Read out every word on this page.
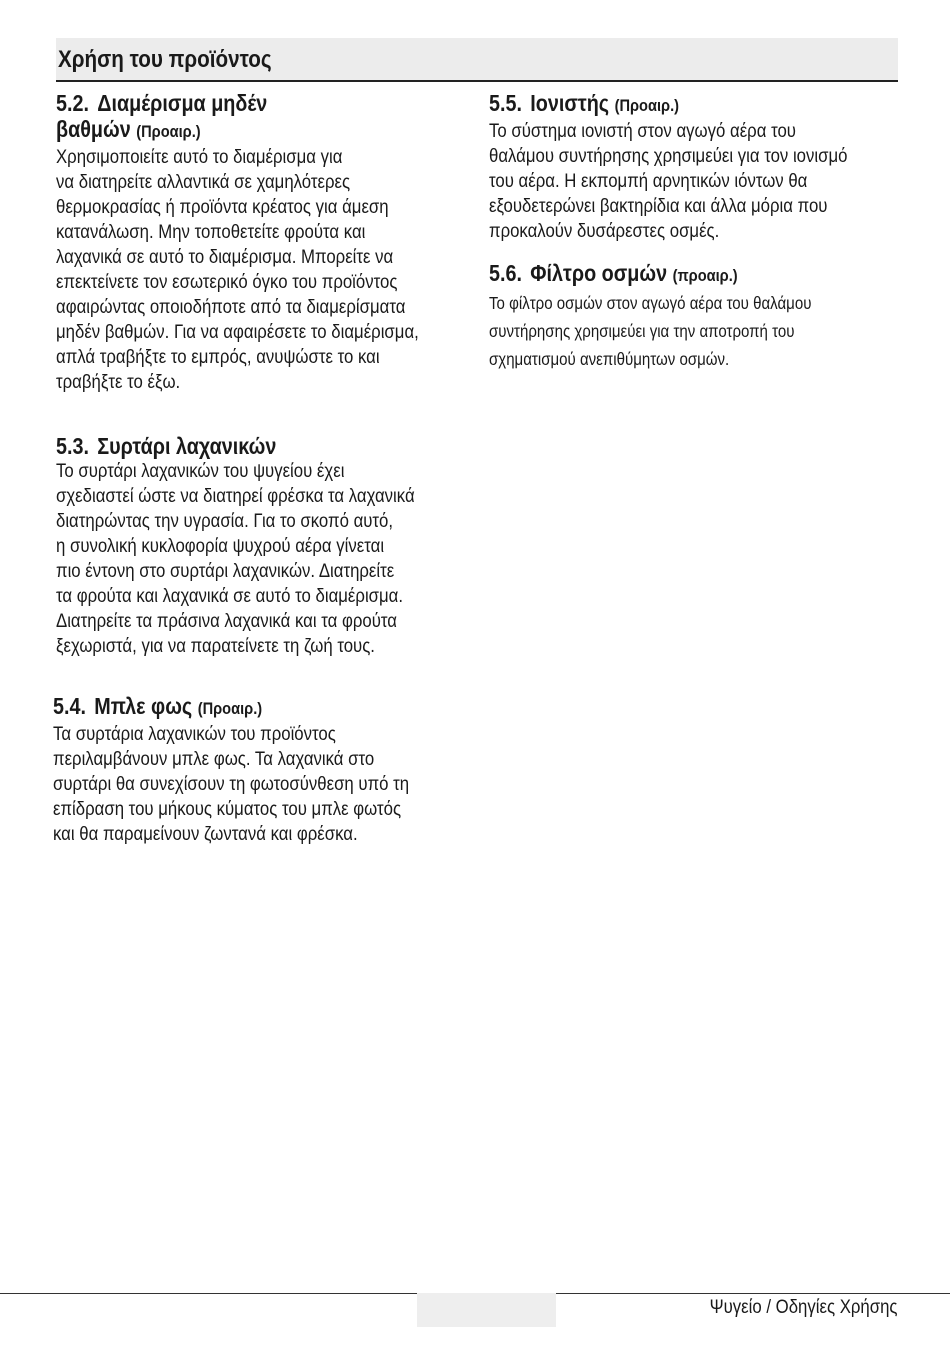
Χρήση του προϊόντος
5.2. Διαμέρισμα μηδέν
βαθμών (Προαιρ.)
Χρησιμοποιείτε αυτό το διαμέρισμα για
να διατηρείτε αλλαντικά σε χαμηλότερες
θερμοκρασίας ή προϊόντα κρέατος για άμεση
κατανάλωση. Μην τοποθετείτε φρούτα και
λαχανικά σε αυτό το διαμέρισμα. Μπορείτε να
επεκτείνετε τον εσωτερικό όγκο του προϊόντος
αφαιρώντας οποιοδήποτε από τα διαμερίσματα
μηδέν βαθμών. Για να αφαιρέσετε το διαμέρισμα,
απλά τραβήξτε το εμπρός, ανυψώστε το και
τραβήξτε το έξω.
5.3. Συρτάρι λαχανικών
Το συρτάρι λαχανικών του ψυγείου έχει
σχεδιαστεί ώστε να διατηρεί φρέσκα τα λαχανικά
διατηρώντας την υγρασία. Για το σκοπό αυτό,
η συνολική κυκλοφορία ψυχρού αέρα γίνεται
πιο έντονη στο συρτάρι λαχανικών. Διατηρείτε
τα φρούτα και λαχανικά σε αυτό το διαμέρισμα.
Διατηρείτε τα πράσινα λαχανικά και τα φρούτα
ξεχωριστά, για να παρατείνετε τη ζωή τους.
5.4. Μπλε φως (Προαιρ.)
Τα συρτάρια λαχανικών του προϊόντος
περιλαμβάνουν μπλε φως. Τα λαχανικά στο
συρτάρι θα συνεχίσουν τη φωτοσύνθεση υπό τη
επίδραση του μήκους κύματος του μπλε φωτός
και θα παραμείνουν ζωντανά και φρέσκα.
5.5. Ιονιστής (Προαιρ.)
Το σύστημα ιονιστή στον αγωγό αέρα του
θαλάμου συντήρησης χρησιμεύει για τον ιονισμό
του αέρα. Η εκπομπή αρνητικών ιόντων θα
εξουδετερώνει βακτηρίδια και άλλα μόρια που
προκαλούν δυσάρεστες οσμές.
5.6. Φίλτρο οσμών (προαιρ.)
Το φίλτρο οσμών στον αγωγό αέρα του θαλάμου
συντήρησης χρησιμεύει για την αποτροπή του
σχηματισμού ανεπιθύμητων οσμών.
Ψυγείο / Οδηγίες Χρήσης
